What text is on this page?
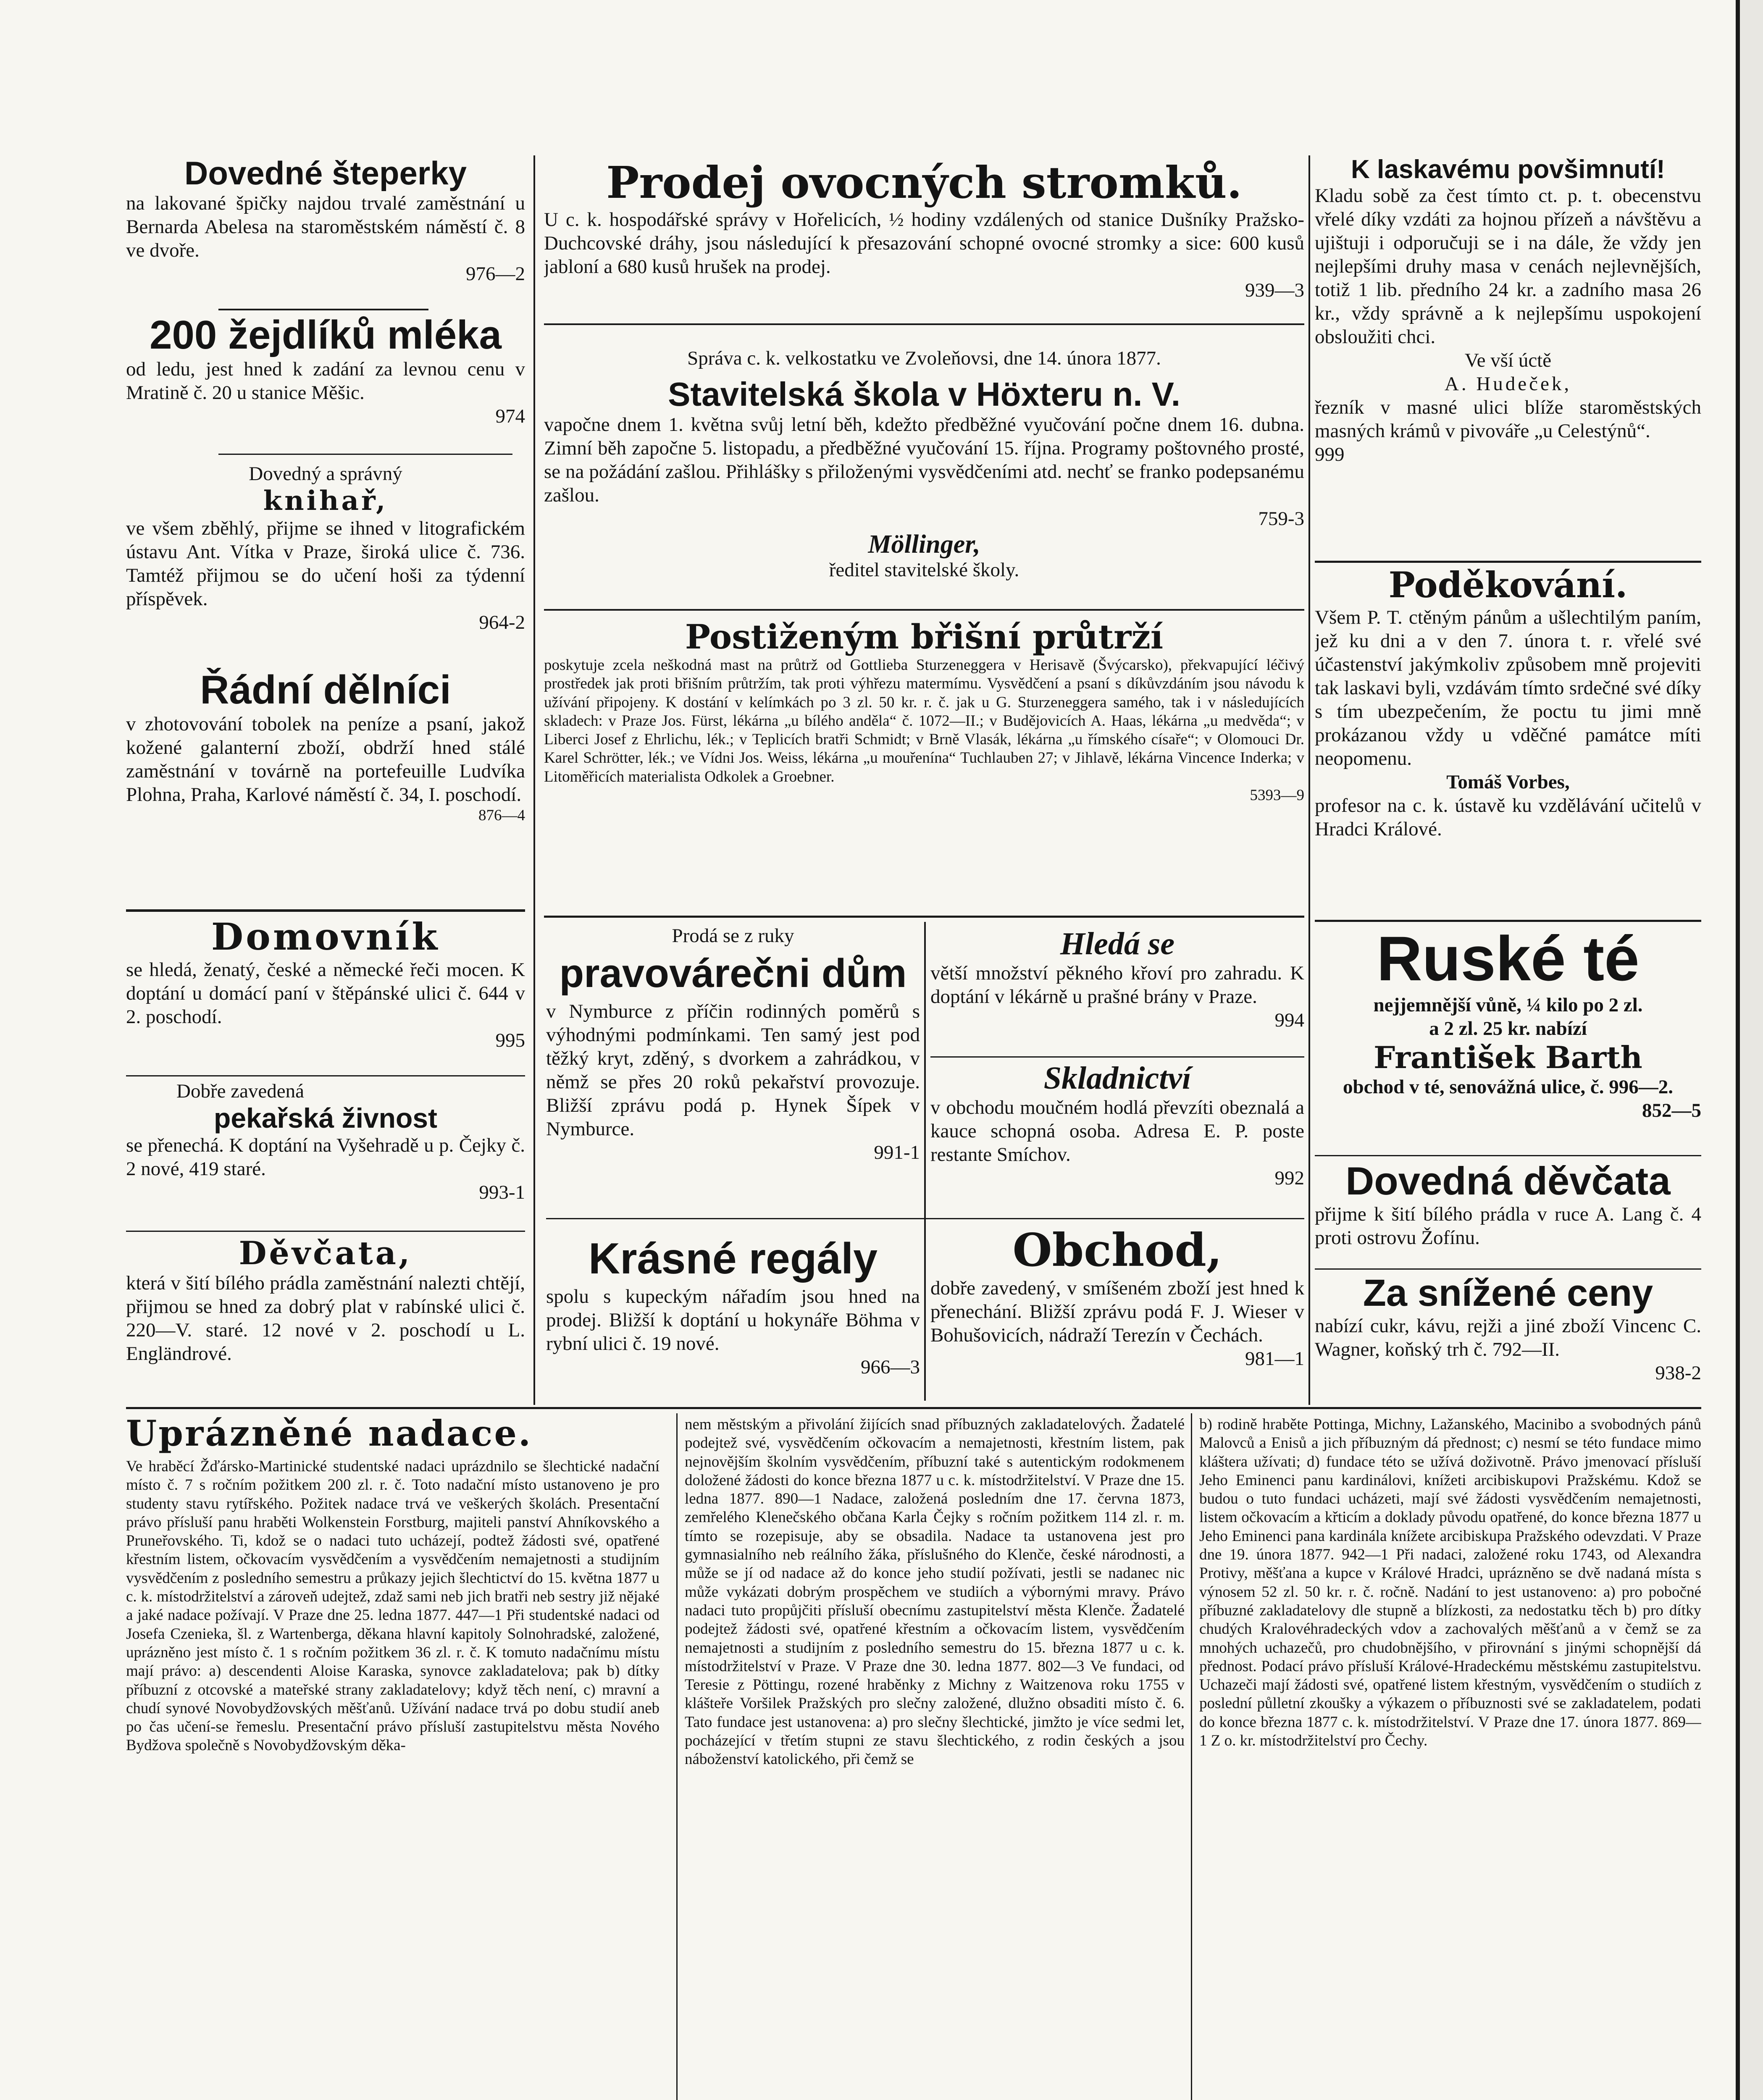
Dovedné šteperky

na lakované špičky najdou trvalé zaměstnání u Bernarda Abelesa na staroměstském náměstí č. 8 ve dvoře.

976—2

200 žejdlíků mléka

od ledu, jest hned k zadání za levnou cenu v Mratině č. 20 u stanice Měšic.

974

Dovedný a správný

knihař,

ve všem zběhlý, přijme se ihned v litografickém ústavu Ant. Vítka v Praze, široká ulice č. 736. Tamtéž přijmou se do učení hoši za týdenní příspěvek.

964-2

Řádní dělníci

v zhotovování tobolek na peníze a psaní, jakož kožené galanterní zboží, obdrží hned stálé zaměstnání v továrně na portefeuille Ludvíka Plohna, Praha, Karlové náměstí č. 34, I. poschodí.

876—4

Domovník

se hledá, ženatý, české a německé řeči mocen. K doptání u domácí paní v štěpánské ulici č. 644 v 2. poschodí.

995

Dobře zavedená

pekařská živnost

se přenechá. K doptání na Vyšehradě u p. Čejky č. 2 nové, 419 staré.

993-1

Děvčata,

která v šití bílého prádla zaměstnání nalezti chtějí, přijmou se hned za dobrý plat v rabínské ulici č. 220—V. staré. 12 nové v 2. poschodí u L. Engländrové.

Prodej ovocných stromků.

U c. k. hospodářské správy v Hořelicích, ½ hodiny vzdálených od stanice Dušníky Pražsko-Duchcovské dráhy, jsou následující k přesazování schopné ovocné stromky a sice: 600 kusů jabloní a 680 kusů hrušek na prodej.

939—3

Správa c. k. velkostatku ve Zvoleňovsi, dne 14. února 1877.

Stavitelská škola v Höxteru n. V.

vapočne dnem 1. května svůj letní běh, kdežto předběžné vyučování počne dnem 16. dubna. Zimní běh započne 5. listopadu, a předběžné vyučování 15. října. Programy poštovného prosté, se na požádání zašlou. Přihlášky s přiloženými vysvědčeními atd. nechť se franko podepsanému zašlou.

759-3

Möllinger,

ředitel stavitelské školy.

Postiženým břišní průtrží

poskytuje zcela neškodná mast na průtrž od Gottlieba Sturzeneggera v Herisavě (Švýcarsko), překvapující léčivý prostředek jak proti břišním průtržím, tak proti výhřezu matermímu. Vysvědčení a psaní s díkůvzdáním jsou návodu k užívání připojeny. K dostání v kelímkách po 3 zl. 50 kr. r. č. jak u G. Sturzeneggera samého, tak i v následujících skladech: v Praze Jos. Fürst, lékárna „u bílého anděla“ č. 1072—II.; v Budějovicích A. Haas, lékárna „u medvěda“; v Liberci Josef z Ehrlichu, lék.; v Teplicích bratři Schmidt; v Brně Vlasák, lékárna „u římského císaře“; v Olomouci Dr. Karel Schrötter, lék.; ve Vídni Jos. Weiss, lékárna „u mouřenína“ Tuchlauben 27; v Jihlavě, lékárna Vincence Inderka; v Litoměřicích materialista Odkolek a Groebner.

5393—9

Prodá se z ruky

pravovárečni dům

v Nymburce z příčin rodinných poměrů s výhodnými podmínkami. Ten samý jest pod těžký kryt, zděný, s dvorkem a zahrádkou, v němž se přes 20 roků pekařství provozuje. Bližší zprávu podá p. Hynek Šípek v Nymburce.

991-1

Hledá se

větší množství pěkného křoví pro zahradu. K doptání v lékárně u prašné brány v Praze.

994

Skladnictví

v obchodu moučném hodlá převzíti obeznalá a kauce schopná osoba. Adresa E. P. poste restante Smíchov.

992

Krásné regály

spolu s kupeckým nářadím jsou hned na prodej. Bližší k doptání u hokynáře Böhma v rybní ulici č. 19 nové.

966—3

Obchod,

dobře zavedený, v smíšeném zboží jest hned k přenechání. Bližší zprávu podá F. J. Wieser v Bohušovicích, nádraží Terezín v Čechách.

981—1

K laskavému povšimnutí!

Kladu sobě za čest tímto ct. p. t. obecenstvu vřelé díky vzdáti za hojnou přízeň a návštěvu a ujištuji i odporučuji se i na dále, že vždy jen nejlepšími druhy masa v cenách nejlevnějších, totiž 1 lib. předního 24 kr. a zadního masa 26 kr., vždy správně a k nejlepšímu uspokojení obsloužiti chci.

Ve vší úctě

A. Hudeček,

řezník v masné ulici blíže staroměstských masných krámů v pivováře „u Celestýnů“.

999

Poděkování.

Všem P. T. ctěným pánům a ušlechtilým paním, jež ku dni a v den 7. února t. r. vřelé své účastenství jakýmkoliv způsobem mně projeviti tak laskavi byli, vzdávám tímto srdečné své díky s tím ubezpečením, že poctu tu jimi mně prokázanou vždy u vděčné památce míti neopomenu.

Tomáš Vorbes,

profesor na c. k. ústavě ku vzdělávání učitelů v Hradci Králové.

Ruské té

nejjemnější vůně, ¼ kilo po 2 zl.

a 2 zl. 25 kr. nabízí

František Barth

obchod v té, senovážná ulice, č. 996—2.

852—5

Dovedná děvčata

přijme k šití bílého prádla v ruce A. Lang č. 4 proti ostrovu Žofínu.

Za snížené ceny

nabízí cukr, kávu, rejži a jiné zboží Vincenc C. Wagner, koňský trh č. 792—II.

938-2

Uprázněné nadace.

Ve hraběcí Žďársko-Martinické studentské nadaci uprázdnilo se šlechtické nadační místo č. 7 s ročním požitkem 200 zl. r. č. Toto nadační místo ustanoveno je pro studenty stavu rytířského. Požitek nadace trvá ve veškerých školách. Presentační právo přísluší panu hraběti Wolkenstein Forstburg, majiteli panství Ahníkovského a Pruneřovského. Ti, kdož se o nadaci tuto ucházejí, podtež žádosti své, opatřené křestním listem, očkovacím vysvědčením a vysvědčením nemajetnosti a studijním vysvědčením z posledního semestru a průkazy jejich šlechtictví do 15. května 1877 u c. k. místodržitelství a zároveň udejtež, zdaž sami neb jich bratři neb sestry již nějaké a jaké nadace požívají. V Praze dne 25. ledna 1877. 447—1 Při studentské nadaci od Josefa Czenieka, šl. z Wartenberga, děkana hlavní kapitoly Solnohradské, založené, uprázněno jest místo č. 1 s ročním požitkem 36 zl. r. č. K tomuto nadačnímu místu mají právo: a) descendenti Aloise Karaska, synovce zakladatelova; pak b) dítky příbuzní z otcovské a mateřské strany zakladatelovy; když těch není, c) mravní a chudí synové Novobydžovských měšťanů. Užívání nadace trvá po dobu studií aneb po čas učení-se řemeslu. Presentační právo přísluší zastupitelstvu města Nového Bydžova společně s Novobydžovským děka-

nem městským a přivolání žijících snad příbuzných zakladatelových. Žadatelé podejtež své, vysvědčením očkovacím a nemajetnosti, křestním listem, pak nejnovějším školním vysvědčením, příbuzní také s autentickým rodokmenem doložené žádosti do konce března 1877 u c. k. místodržitelství. V Praze dne 15. ledna 1877. 890—1 Nadace, založená posledním dne 17. června 1873, zemřelého Klenečského občana Karla Čejky s ročním požitkem 114 zl. r. m. tímto se rozepisuje, aby se obsadila. Nadace ta ustanovena jest pro gymnasialního neb reálního žáka, příslušného do Klenče, české národnosti, a může se jí od nadace až do konce jeho studií požívati, jestli se nadanec nic může vykázati dobrým prospěchem ve studiích a výbornými mravy. Právo nadaci tuto propůjčiti přísluší obecnímu zastupitelství města Klenče. Žadatelé podejtež žádosti své, opatřené křestním a očkovacím listem, vysvědčením nemajetnosti a studijním z posledního semestru do 15. března 1877 u c. k. místodržitelství v Praze. V Praze dne 30. ledna 1877. 802—3 Ve fundaci, od Teresie z Pöttingu, rozené hraběnky z Michny z Waitzenova roku 1755 v klášteře Voršilek Pražských pro slečny založené, dlužno obsaditi místo č. 6. Tato fundace jest ustanovena: a) pro slečny šlechtické, jimžto je více sedmi let, pocházející v třetím stupni ze stavu šlechtického, z rodin českých a jsou náboženství katolického, při čemž se

b) rodině hraběte Pottinga, Michny, Lažanského, Macinibo a svobodných pánů Malovců a Enisů a jich příbuzným dá přednost; c) nesmí se této fundace mimo kláštera užívati; d) fundace této se užívá doživotně. Právo jmenovací přísluší Jeho Eminenci panu kardinálovi, knížeti arcibiskupovi Pražskému. Kdož se budou o tuto fundaci ucházeti, mají své žádosti vysvědčením nemajetnosti, listem očkovacím a křticím a doklady původu opatřené, do konce března 1877 u Jeho Eminenci pana kardinála knížete arcibiskupa Pražského odevzdati. V Praze dne 19. února 1877. 942—1 Při nadaci, založené roku 1743, od Alexandra Protivy, měšťana a kupce v Králové Hradci, uprázněno se dvě nadaná místa s výnosem 52 zl. 50 kr. r. č. ročně. Nadání to jest ustanoveno: a) pro pobočné příbuzné zakladatelovy dle stupně a blízkosti, za nedostatku těch b) pro dítky chudých Kralovéhradeckých vdov a zachovalých měšťanů a v čemž se za mnohých uchazečů, pro chudobnějšího, v přirovnání s jinými schopnější dá přednost. Podací právo přísluší Králové-Hradeckému městskému zastupitelstvu. Uchazeči mají žádosti své, opatřené listem křestným, vysvědčením o studiích z poslední půlletní zkoušky a výkazem o příbuznosti své se zakladatelem, podati do konce března 1877 c. k. místodržitelství. V Praze dne 17. února 1877. 869—1 Z o. kr. místodržitelství pro Čechy.
